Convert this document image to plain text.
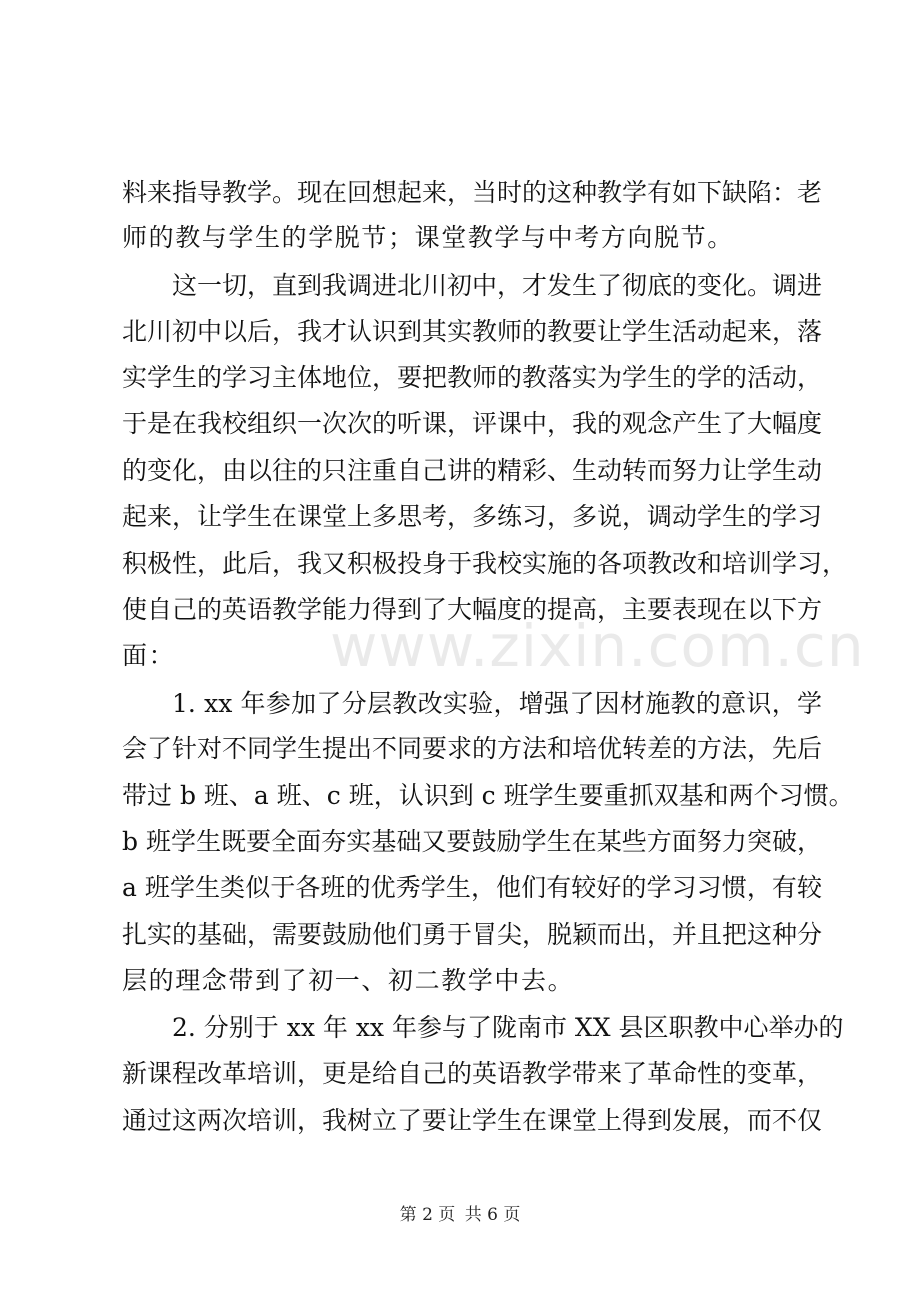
料来指导教学。现在回想起来，当时的这种教学有如下缺陷：老
师的教与学生的学脱节；课堂教学与中考方向脱节。
这一切，直到我调进北川初中，才发生了彻底的变化。调进
北川初中以后，我才认识到其实教师的教要让学生活动起来，落
实学生的学习主体地位，要把教师的教落实为学生的学的活动，
于是在我校组织一次次的听课，评课中，我的观念产生了大幅度
的变化，由以往的只注重自己讲的精彩、生动转而努力让学生动
起来，让学生在课堂上多思考，多练习，多说，调动学生的学习
积极性，此后，我又积极投身于我校实施的各项教改和培训学习，
使自己的英语教学能力得到了大幅度的提高，主要表现在以下方
面：
1. xx 年参加了分层教改实验，增强了因材施教的意识，学
会了针对不同学生提出不同要求的方法和培优转差的方法，先后
带过 b 班、a 班、c 班，认识到 c 班学生要重抓双基和两个习惯。
b 班学生既要全面夯实基础又要鼓励学生在某些方面努力突破，
a 班学生类似于各班的优秀学生，他们有较好的学习习惯，有较
扎实的基础，需要鼓励他们勇于冒尖，脱颖而出，并且把这种分
层的理念带到了初一、初二教学中去。
2. 分别于 xx 年 xx 年参与了陇南市 XX 县区职教中心举办的
新课程改革培训，更是给自己的英语教学带来了革命性的变革，
通过这两次培训，我树立了要让学生在课堂上得到发展，而不仅
www.zixin.com.cn
第 2 页 共 6 页
